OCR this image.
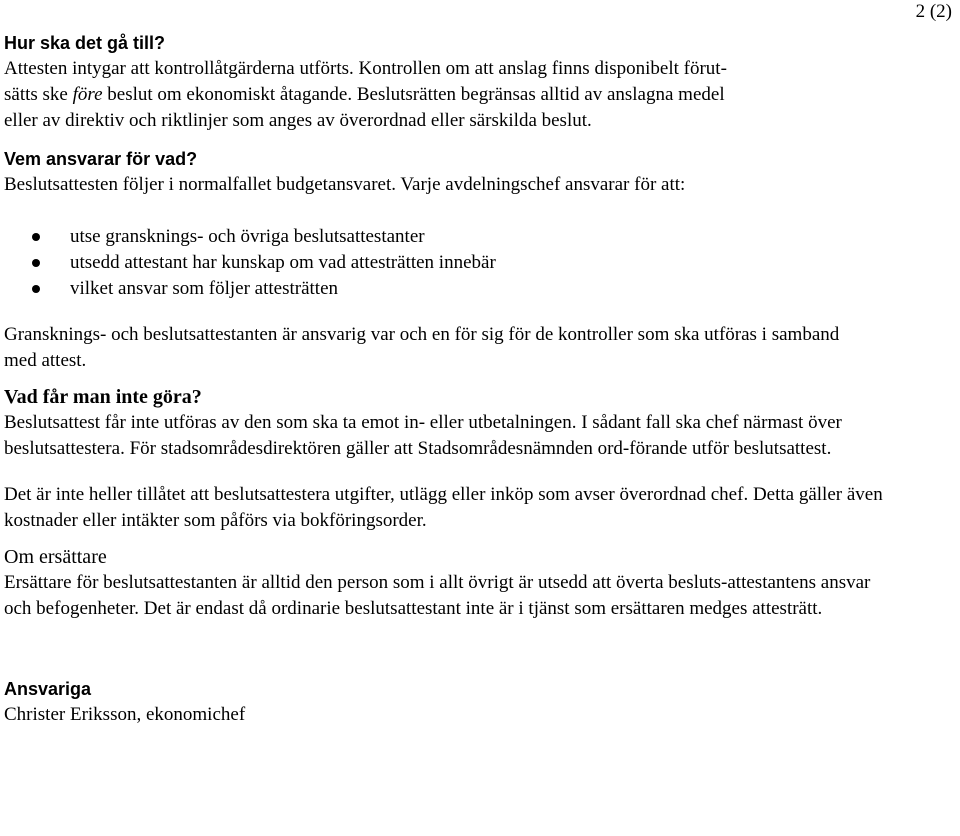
2 (2)
Hur ska det gå till?

Attesten intygar att kontrollåtgärderna utförts. Kontrollen om att anslag finns disponibelt förut-

sätts ske före beslut om ekonomiskt åtagande. Beslutsrätten begränsas alltid av anslagna medel

eller av direktiv och riktlinjer som anges av överordnad eller särskilda beslut.

Vem ansvarar för vad?

Beslutsattesten följer i normalfallet budgetansvaret. Varje avdelningschef ansvarar för att:

utse gransknings- och övriga beslutsattestanter
utsedd attestant har kunskap om vad attesträtten innebär
vilket ansvar som följer attesträtten

Gransknings- och beslutsattestanten är ansvarig var och en för sig för de kontroller som ska utföras i samband med attest.

Vad får man inte göra?

Beslutsattest får inte utföras av den som ska ta emot in- eller utbetalningen. I sådant fall ska chef närmast över beslutsattestera. För stadsområdesdirektören gäller att Stadsområdesnämnden ord-förande utför beslutsattest.

Det är inte heller tillåtet att beslutsattestera utgifter, utlägg eller inköp som avser överordnad chef. Detta gäller även kostnader eller intäkter som påförs via bokföringsorder.

Om ersättare

Ersättare för beslutsattestanten är alltid den person som i allt övrigt är utsedd att överta besluts-attestantens ansvar och befogenheter. Det är endast då ordinarie beslutsattestant inte är i tjänst som ersättaren medges attesträtt.

Ansvariga

Christer Eriksson, ekonomichef
